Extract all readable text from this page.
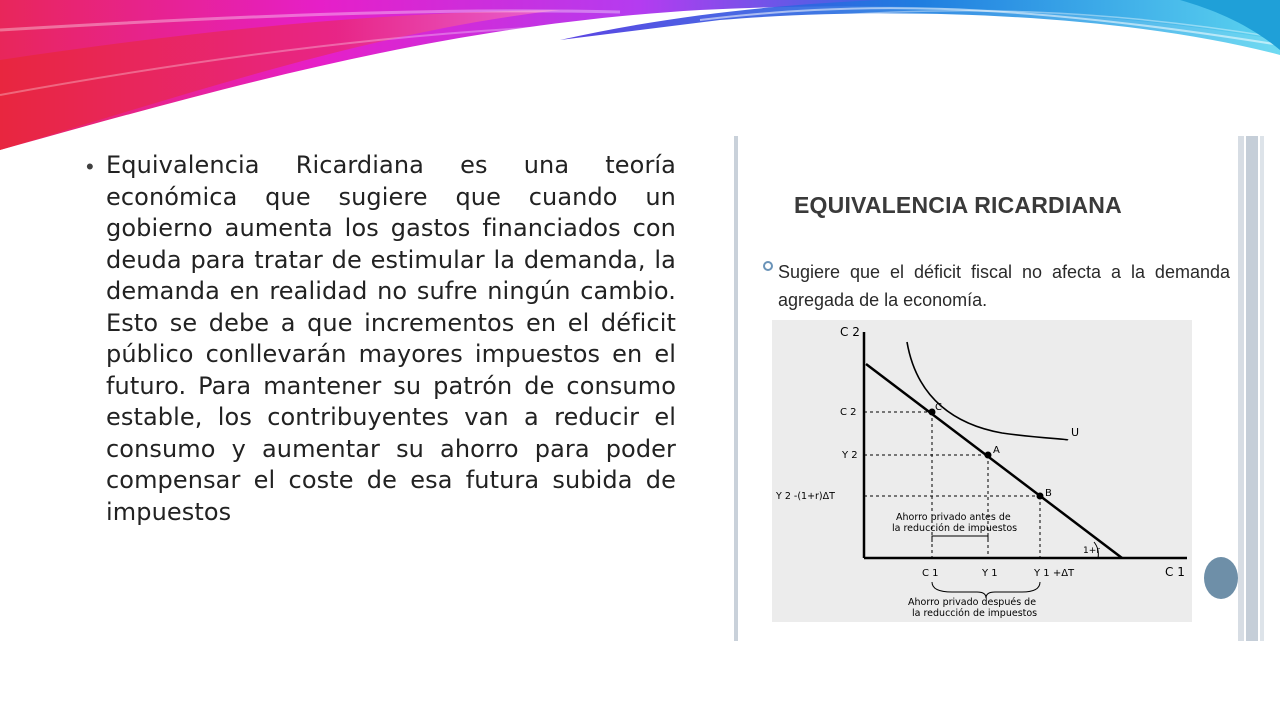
• Equivalencia Ricardiana es una teoría económica que sugiere que cuando un gobierno aumenta los gastos financiados con deuda para tratar de estimular la demanda, la demanda en realidad no sufre ningún cambio. Esto se debe a que incrementos en el déficit público conllevarán mayores impuestos en el futuro. Para mantener su patrón de consumo estable, los contribuyentes van a reducir el consumo y aumentar su ahorro para poder compensar el coste de esa futura subida de impuestos
EQUIVALENCIA RICARDIANA
Sugiere que el déficit fiscal no afecta a la demanda agregada de la economía.
C
A
B
U
1+r
C 2
C 1
C 2
Y 2
Y 2 -(1+r)ΔT
C 1	Y 1	Y 1 +ΔT
Ahorro privado antes de
la reducción de impuestos
Ahorro privado después de
la reducción de impuestos
